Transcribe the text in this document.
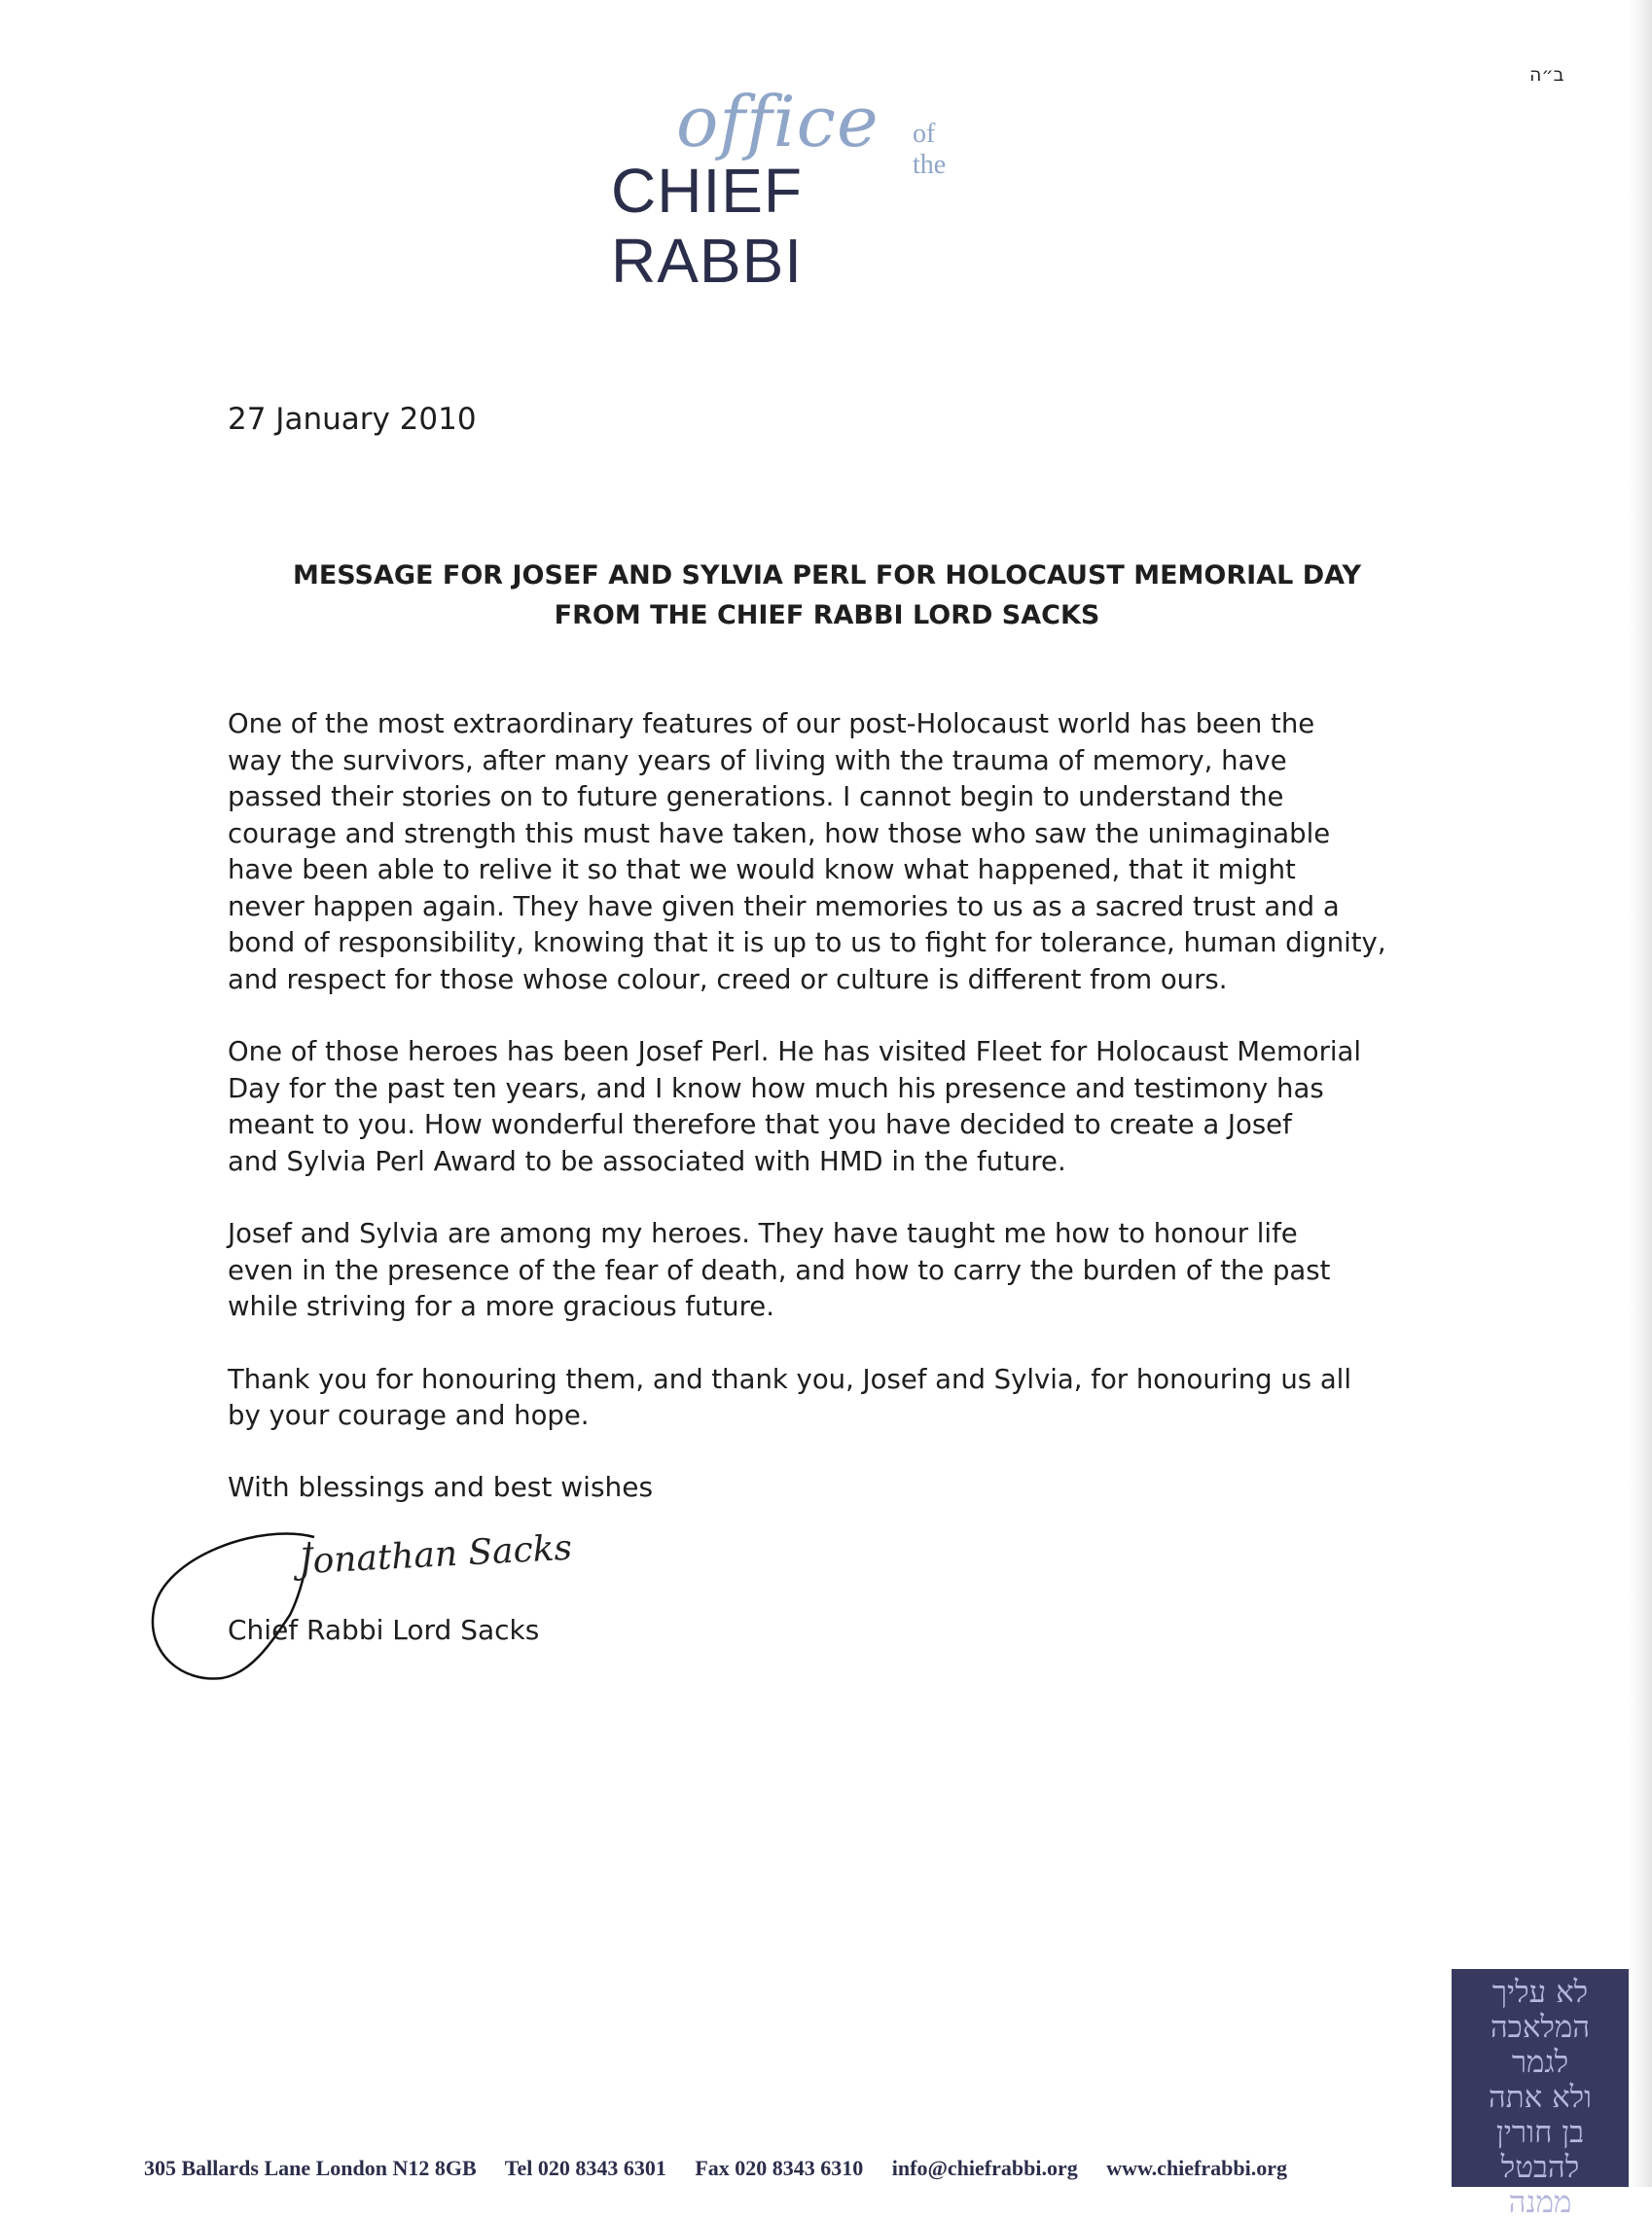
ב״ה
office of the
CHIEF RABBI
27 January 2010
MESSAGE FOR JOSEF AND SYLVIA PERL FOR HOLOCAUST MEMORIAL DAY
FROM THE CHIEF RABBI LORD SACKS
One of the most extraordinary features of our post-Holocaust world has been the
way the survivors, after many years of living with the trauma of memory, have
passed their stories on to future generations. I cannot begin to understand the
courage and strength this must have taken, how those who saw the unimaginable
have been able to relive it so that we would know what happened, that it might
never happen again. They have given their memories to us as a sacred trust and a
bond of responsibility, knowing that it is up to us to fight for tolerance, human dignity,
and respect for those whose colour, creed or culture is different from ours.
One of those heroes has been Josef Perl. He has visited Fleet for Holocaust Memorial
Day for the past ten years, and I know how much his presence and testimony has
meant to you. How wonderful therefore that you have decided to create a Josef
and Sylvia Perl Award to be associated with HMD in the future.
Josef and Sylvia are among my heroes. They have taught me how to honour life
even in the presence of the fear of death, and how to carry the burden of the past
while striving for a more gracious future.
Thank you for honouring them, and thank you, Josef and Sylvia, for honouring us all
by your courage and hope.
With blessings and best wishes
Jonathan Sacks
Chief Rabbi Lord Sacks
לא עליך
המלאכה
לגמר
ולא אתה
בן חורין
להבטל
ממנה
305 Ballards Lane London N12 8GB Tel 020 8343 6301 Fax 020 8343 6310 info@chiefrabbi.org www.chiefrabbi.org
